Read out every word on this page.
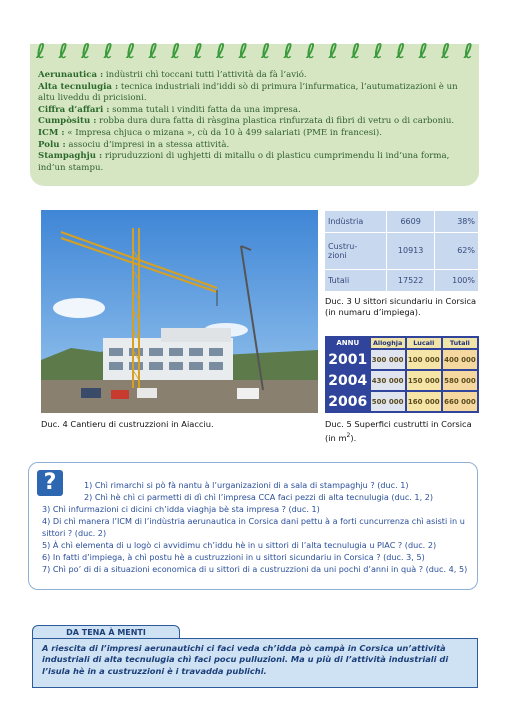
ℓ ℓ ℓ ℓ ℓ ℓ ℓ ℓ ℓ ℓ ℓ ℓ ℓ ℓ ℓ ℓ ℓ ℓ ℓ ℓ

Aerunautica : indùstrii chì toccani tutti l’attività da fà l’avió.

Alta tecnulugia : tecnica industriali ind’iddi sò di primura l’infurmatica, l’autumatizazioni è un altu liveddu di pricisioni.

Ciffra d’affari : somma tutali i vinditi fatta da una impresa.

Cumpòsitu : robba dura dura fatta di ràsgina plastica rinfurzata di fibri di vetru o di carboniu.

ICM : « Impresa chjuca o mizana », cù da 10 à 499 salariati (PME in francesi).

Polu : associu d’impresi in a stessa attività.

Stampaghju : ripruduzzioni di ughjetti di mitallu o di plasticu cumprimendu li ind’una forma, ind’un stampu.

Duc. 4 Cantieru di custruzzioni in Aiacciu.
Indùstria	6609	38%
Custru-
zioni	10913	62%
Tutali	17522	100%
Duc. 3 U sittori sicundariu in Corsica (in numaru d’impiega).
ANNU	Alloghja	Lucali	Tutali
2001	300 000	100 000	400 000
2004	430 000	150 000	580 000
2006	500 000	160 000	660 000
Duc. 5 Superfici custrutti in Corsica (in $m^2$).
?	1) Chì rimarchi si pò fà nantu à l’urganizazioni di a sala di stampaghju ? (duc. 1)

2) Chì hè chì ci parmetti di dì chì l’impresa CCA faci pezzi di alta tecnulugia (duc. 1, 2)

3) Chì infurmazioni ci dicini ch’idda viaghja bè sta impresa ? (duc. 1)

4) Di chì manera l’ICM di l’indùstria aerunautica in Corsica dani pettu à a forti cuncurrenza chì asisti in u sittori ? (duc. 2)

5) À chì elementa di u logò ci avvidimu ch’iddu hè in u sittori di l’alta tecnulugia u PIAC ? (duc. 2)

6) In fatti d’impiega, à chì postu hè a custruzzioni in u sittori sicundariu in Corsica ? (duc. 3, 5)

7) Chì po’ di di a situazioni economica di u sittori di a custruzzioni da uni pochi d’anni in quà ? (duc. 4, 5)

DA TENA À MENTI
A riescita di l’impresi aerunautichi ci faci veda ch’idda pò campà in Corsica un’attività industriali di alta tecnulugia chì faci pocu pulluzioni. Ma u più di l’attività industriali di l’isula hè in a custruzzioni è i travadda publichi.
